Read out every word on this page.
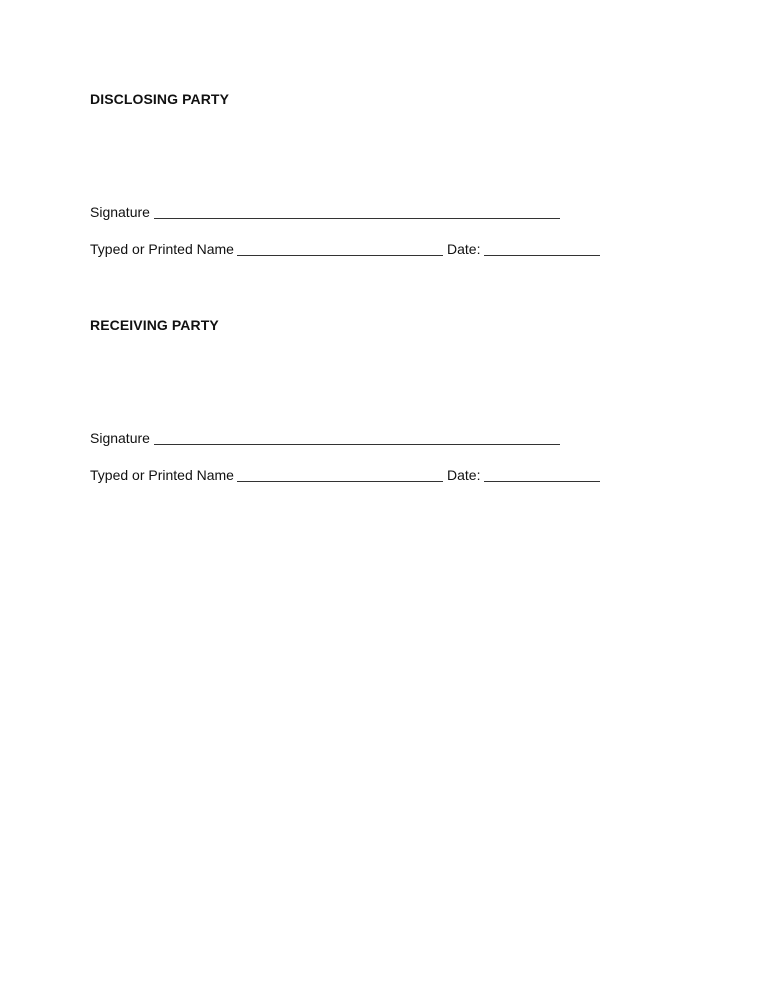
DISCLOSING PARTY
Signature
Typed or Printed Name	Date:
RECEIVING PARTY
Signature
Typed or Printed Name	Date:
